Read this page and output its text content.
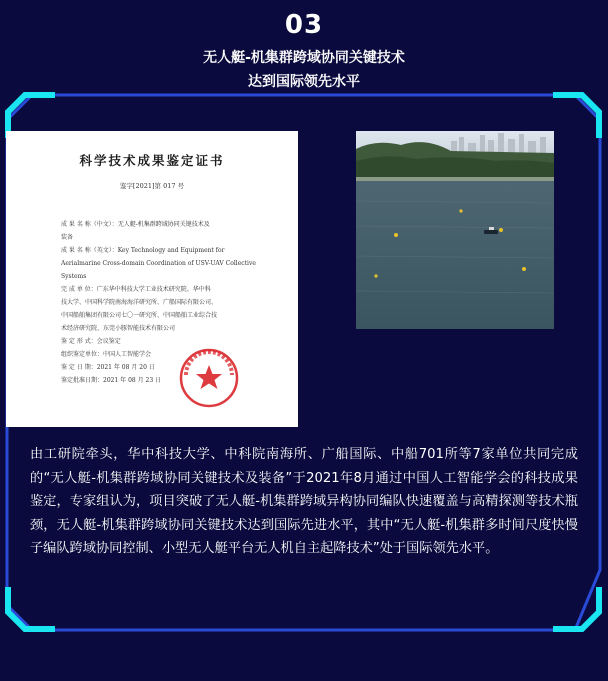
03
无人艇-机集群跨域协同关键技术
达到国际领先水平
科学技术成果鉴定证书
鉴字[2021]第 017 号
成 果 名 称（中文）：无人艇-机集群跨域协同关键技术及
装备
成 果 名 称（英文）：Key Technology and Equipment for
Aerialmarine Cross-domain Coordination of USV-UAV Collective
Systems
完 成 单 位：广东华中科技大学工业技术研究院、华中科
技大学、中国科学院南海海洋研究所、广船国际有限公司、
中国船舶集团有限公司七〇一研究所、中国船舶工业综合技
术经济研究院、东莞小豚智能技术有限公司
鉴 定 形 式：会议鉴定
组织鉴定单位：中国人工智能学会
鉴 定 日 期：2021 年 08 月 20 日
鉴定批准日期：2021 年 08 月 23 日
由工研院牵头，华中科技大学、中科院南海所、广船国际、中船701所等7家单位共同完成的“无人艇-机集群跨域协同关键技术及装备”于2021年8月通过中国人工智能学会的科技成果鉴定，专家组认为，项目突破了无人艇-机集群跨域异构协同编队快速覆盖与高精探测等技术瓶颈，无人艇-机集群跨域协同关键技术达到国际先进水平，其中“无人艇-机集群多时间尺度快慢子编队跨域协同控制、小型无人艇平台无人机自主起降技术”处于国际领先水平。
